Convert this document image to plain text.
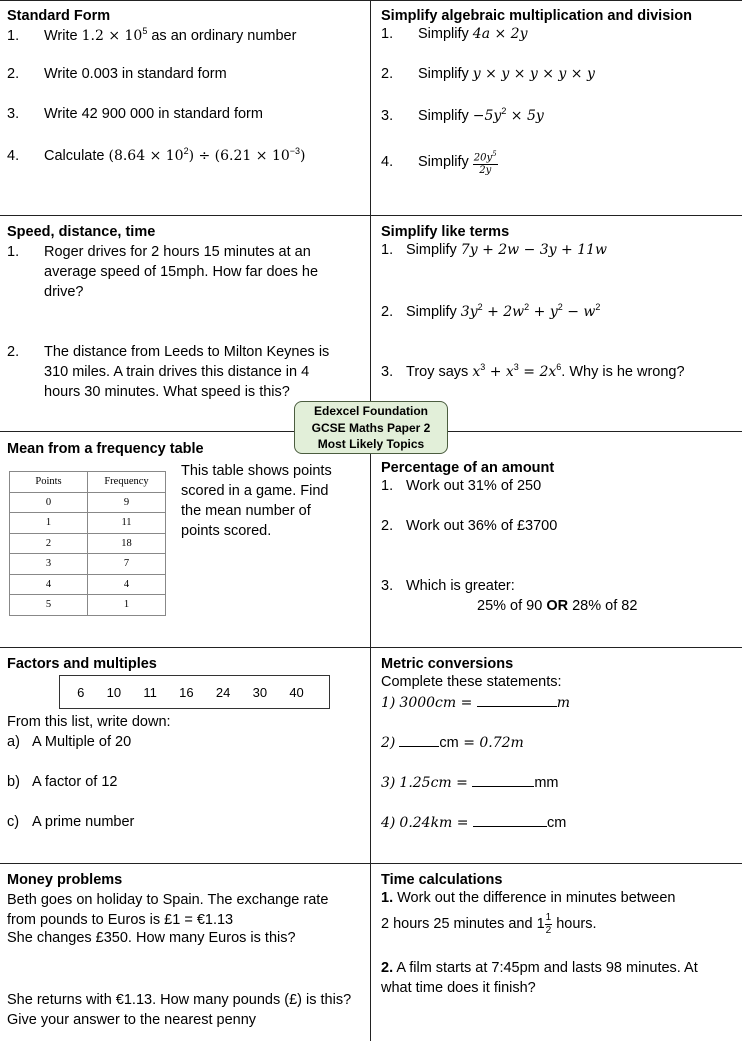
Standard Form
1. Write $1.2 \times 10^5$ as an ordinary number
2. Write 0.003 in standard form
3. Write 42 900 000 in standard form
4. Calculate $(8.64 \times 10^2) \div (6.21 \times 10^{-3})$
Simplify algebraic multiplication and division
1. Simplify 4a × 2y
2. Simplify y × y × y × y × y
3. Simplify $-5y^2 \times 5y$
4. Simplify $\frac{20y^5}{2y}$
Speed, distance, time
1.	Roger drives for 2 hours 15 minutes at an average speed of 15mph. How far does he drive?
2.	The distance from Leeds to Milton Keynes is 310 miles. A train drives this distance in 4 hours 30 minutes. What speed is this?
Simplify like terms
1. Simplify 7y + 2w − 3y + 11w
2. Simplify $3y^2 + 2w^2 + y^2 - w^2$
3. Troy says $x^3 + x^3 = 2x^6$. Why is he wrong?
Mean from a frequency table
Points	Frequency
0	9
1	11
2	18
3	7
4	4
5	1
This table shows points scored in a game. Find the mean number of points scored.
Percentage of an amount
1. Work out 31% of 250
2. Work out 36% of £3700
3. Which is greater:
25% of 90 OR 28% of 82
Edexcel Foundation
GCSE Maths Paper 2
Most Likely Topics
Factors and multiples
6 10 11 16 24 30 40
From this list, write down:
a) A Multiple of 20
b) A factor of 12
c) A prime number
Metric conversions
Complete these statements:
1) 3000cm =	m
2)	cm = 0.72m
3) 1.25cm =	mm
4) 0.24km =	cm
Money problems
Beth goes on holiday to Spain. The exchange rate from pounds to Euros is £1 = €1.13
She changes £350. How many Euros is this?
She returns with €1.13. How many pounds (£) is this? Give your answer to the nearest penny
Time calculations
1. Work out the difference in minutes between
2 hours 25 minutes and $1 \frac{1}{2}$ hours.
2. A film starts at 7:45pm and lasts 98 minutes. At what time does it finish?
